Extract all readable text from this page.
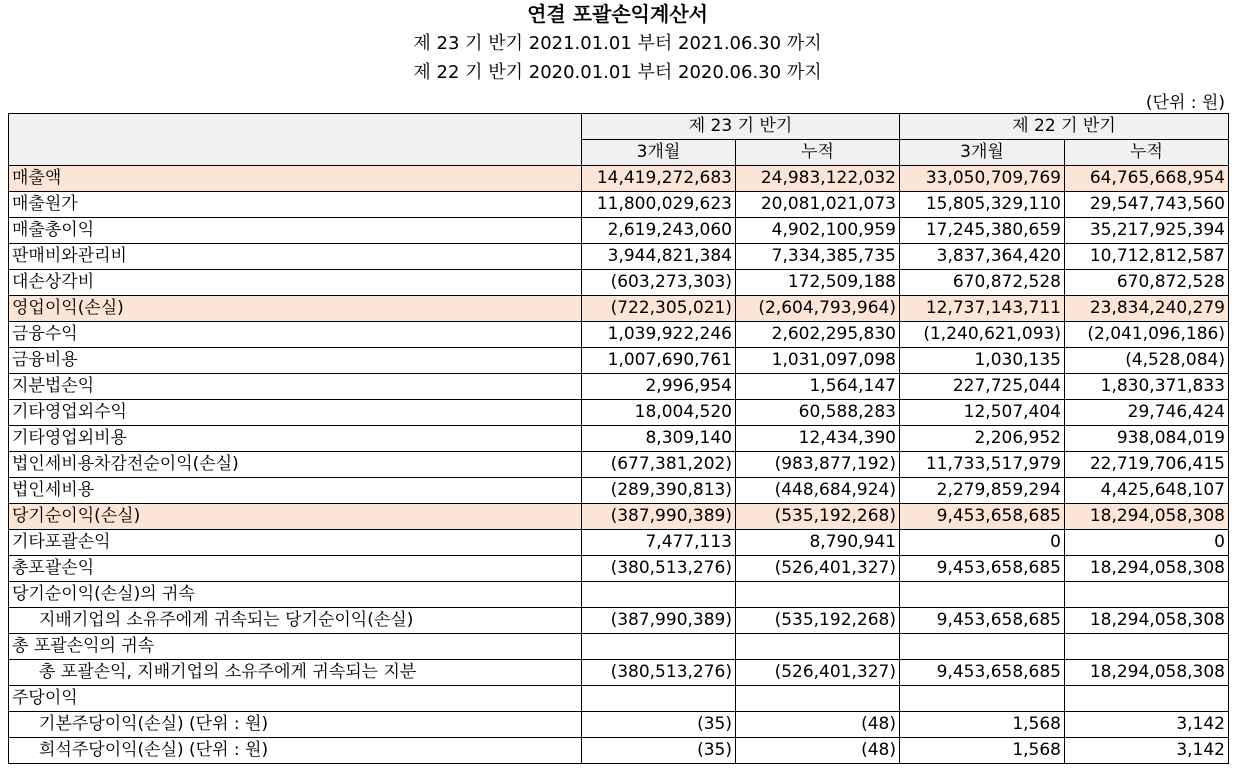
연결 포괄손익계산서
제 23 기 반기 2021.01.01 부터 2021.06.30 까지
제 22 기 반기 2020.01.01 부터 2020.06.30 까지
(단위 : 원)
	제 23 기 반기		제 22 기 반기	
	3개월	누적	3개월	누적
매출액	14,419,272,683	24,983,122,032	33,050,709,769	64,765,668,954
매출원가	11,800,029,623	20,081,021,073	15,805,329,110	29,547,743,560
매출총이익	2,619,243,060	4,902,100,959	17,245,380,659	35,217,925,394
판매비와관리비	3,944,821,384	7,334,385,735	3,837,364,420	10,712,812,587
대손상각비	(603,273,303)	172,509,188	670,872,528	670,872,528
영업이익(손실)	(722,305,021)	(2,604,793,964)	12,737,143,711	23,834,240,279
금융수익	1,039,922,246	2,602,295,830	(1,240,621,093)	(2,041,096,186)
금융비용	1,007,690,761	1,031,097,098	1,030,135	(4,528,084)
지분법손익	2,996,954	1,564,147	227,725,044	1,830,371,833
기타영업외수익	18,004,520	60,588,283	12,507,404	29,746,424
기타영업외비용	8,309,140	12,434,390	2,206,952	938,084,019
법인세비용차감전순이익(손실)	(677,381,202)	(983,877,192)	11,733,517,979	22,719,706,415
법인세비용	(289,390,813)	(448,684,924)	2,279,859,294	4,425,648,107
당기순이익(손실)	(387,990,389)	(535,192,268)	9,453,658,685	18,294,058,308
기타포괄손익	7,477,113	8,790,941	0	0
총포괄손익	(380,513,276)	(526,401,327)	9,453,658,685	18,294,058,308
당기순이익(손실)의 귀속				
지배기업의 소유주에게 귀속되는 당기순이익(손실)	(387,990,389)	(535,192,268)	9,453,658,685	18,294,058,308
총 포괄손익의 귀속				
총 포괄손익, 지배기업의 소유주에게 귀속되는 지분	(380,513,276)	(526,401,327)	9,453,658,685	18,294,058,308
주당이익				
기본주당이익(손실) (단위 : 원)	(35)	(48)	1,568	3,142
희석주당이익(손실) (단위 : 원)	(35)	(48)	1,568	3,142
